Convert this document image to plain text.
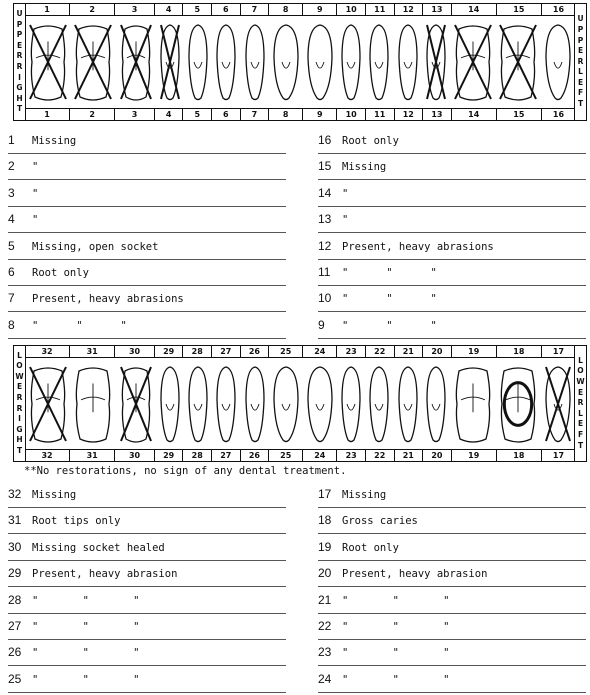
U
P
P
E
R
R
I
G
H
T
U
P
P
E
R
L
E
F
T
1	2	3	4	5	6	7	8	9	10	11	12	13	14	15	16
1	2	3	4	5	6	7	8	9	10	11	12	13	14	15	16
1	Missing
2	"
3	"
4	"
5	Missing, open socket
6	Root only
7	Present, heavy abrasions
8	"      "      "
16	Root only
15	Missing
14	"
13	"
12	Present, heavy abrasions
11	"      "      "
10	"      "      "
9	"      "      "
L
O
W
E
R
R
I
G
H
T
L
O
W
E
R
L
E
F
T
32	31	30	29	28	27	26	25	24	23	22	21	20	19	18	17
32	31	30	29	28	27	26	25	24	23	22	21	20	19	18	17
**No restorations, no sign of any dental treatment.
32	Missing
31	Root tips only
30	Missing socket healed
29	Present, heavy abrasion
28	"       "       "
27	"       "       "
26	"       "       "
25	"       "       "
17	Missing
18	Gross caries
19	Root only
20	Present, heavy abrasion
21	"       "       "
22	"       "       "
23	"       "       "
24	"       "       "
